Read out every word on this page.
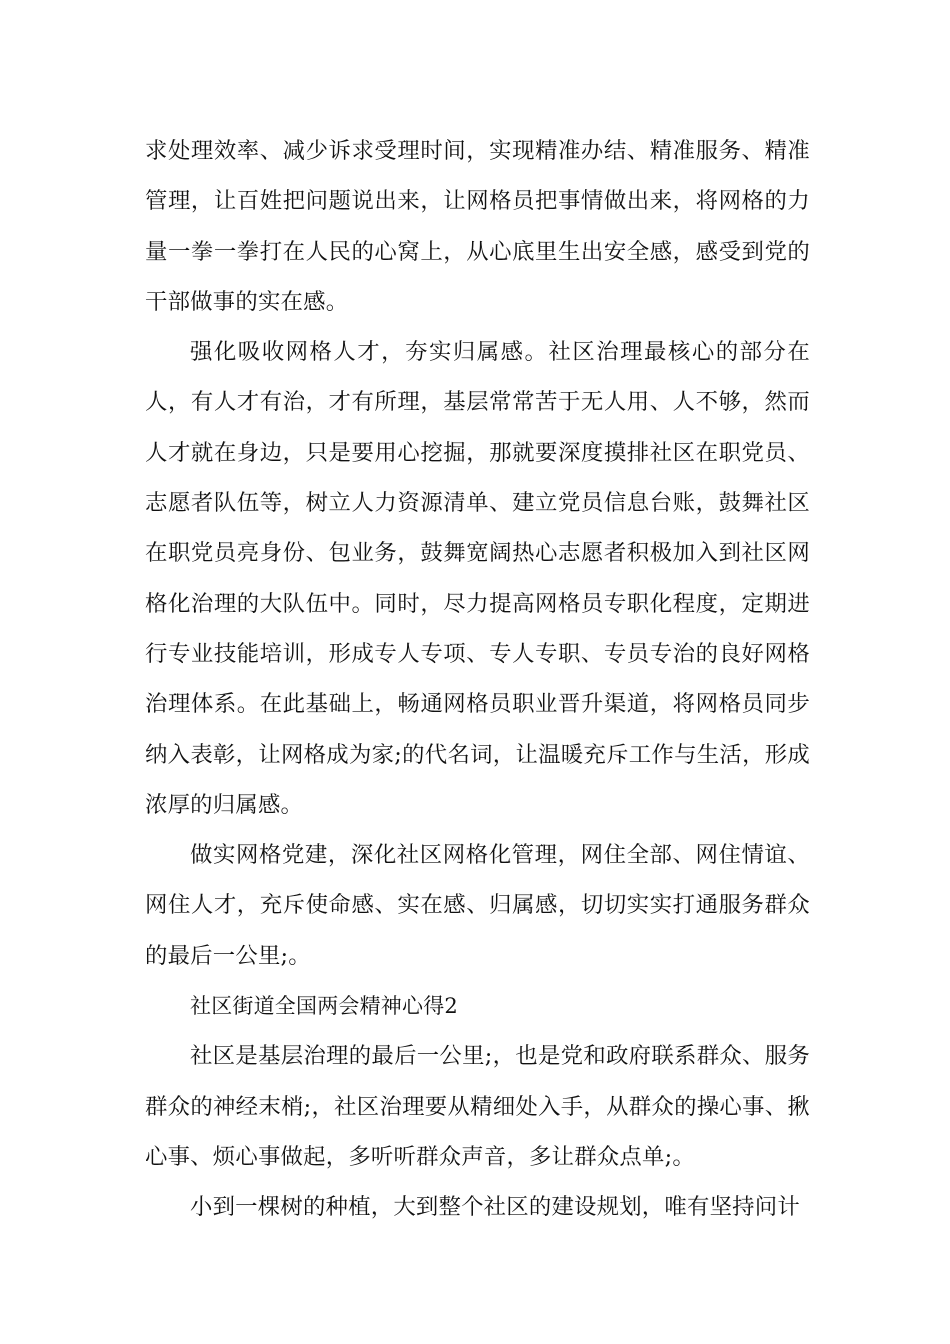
求处理效率、减少诉求受理时间，实现精准办结、精准服务、精准管理，让百姓把问题说出来，让网格员把事情做出来，将网格的力量一拳一拳打在人民的心窝上，从心底里生出安全感，感受到党的干部做事的实在感。

强化吸收网格人才，夯实归属感。社区治理最核心的部分在人，有人才有治，才有所理，基层常常苦于无人用、人不够，然而人才就在身边，只是要用心挖掘，那就要深度摸排社区在职党员、志愿者队伍等，树立人力资源清单、建立党员信息台账，鼓舞社区在职党员亮身份、包业务，鼓舞宽阔热心志愿者积极加入到社区网格化治理的大队伍中。同时，尽力提高网格员专职化程度，定期进行专业技能培训，形成专人专项、专人专职、专员专治的良好网格治理体系。在此基础上，畅通网格员职业晋升渠道，将网格员同步纳入表彰，让网格成为家;的代名词，让温暖充斥工作与生活，形成浓厚的归属感。

做实网格党建，深化社区网格化管理，网住全部、网住情谊、网住人才，充斥使命感、实在感、归属感，切切实实打通服务群众的最后一公里;。

社区街道全国两会精神心得2

社区是基层治理的最后一公里;，也是党和政府联系群众、服务群众的神经末梢;，社区治理要从精细处入手，从群众的操心事、揪心事、烦心事做起，多听听群众声音，多让群众点单;。

小到一棵树的种植，大到整个社区的建设规划，唯有坚持问计
